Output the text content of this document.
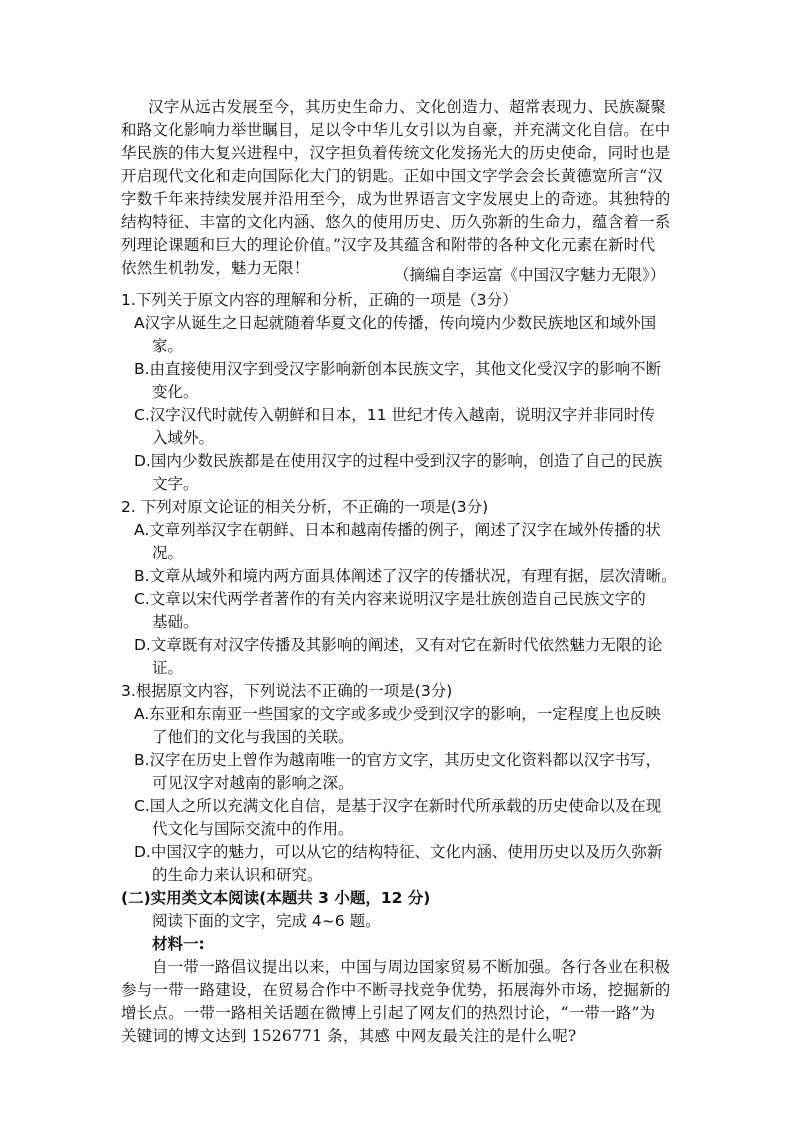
汉字从远古发展至今，其历史生命力、文化创造力、超常表现力、民族凝聚
和路文化影响力举世瞩目，足以令中华儿女引以为自豪，并充满文化自信。在中
华民族的伟大复兴进程中，汉字担负着传统文化发扬光大的历史使命，同时也是
开启现代文化和走向国际化大门的钥匙。正如中国文字学会会长黄德宽所言“汉
字数千年来持续发展并沿用至今，成为世界语言文字发展史上的奇迹。其独特的
结构特征、丰富的文化内涵、悠久的使用历史、历久弥新的生命力，蕴含着一系
列理论课题和巨大的理论价值。”汉字及其蕴含和附带的各种文化元素在新时代
依然生机勃发，魅力无限！	（摘编自李运富《中国汉字魅力无限》）
1.下列关于原文内容的理解和分析，正确的一项是（3分）
A汉字从诞生之日起就随着华夏文化的传播，传向境内少数民族地区和域外国
家。
B.由直接使用汉字到受汉字影响新创本民族文字，其他文化受汉字的影响不断
变化。
C.汉字汉代时就传入朝鲜和日本，11 世纪才传入越南，说明汉字并非同时传
入域外。
D.国内少数民族都是在使用汉字的过程中受到汉字的影响，创造了自己的民族
文字。
2. 下列对原文论证的相关分析，不正确的一项是(3分)
A.文章列举汉字在朝鲜、日本和越南传播的例子，阐述了汉字在域外传播的状
况。
B.文章从域外和境内两方面具体阐述了汉字的传播状况，有理有据，层次清晰。
C.文章以宋代两学者著作的有关内容来说明汉字是壮族创造自己民族文字的
基础。
D.文章既有对汉字传播及其影响的阐述，又有对它在新时代依然魅力无限的论
证。
3.根据原文内容，下列说法不正确的一项是(3分)
A.东亚和东南亚一些国家的文字或多或少受到汉字的影响，一定程度上也反映
了他们的文化与我国的关联。
B.汉字在历史上曾作为越南唯一的官方文字，其历史文化资料都以汉字书写，
可见汉字对越南的影响之深。
C.国人之所以充满文化自信，是基于汉字在新时代所承载的历史使命以及在现
代文化与国际交流中的作用。
D.中国汉字的魅力，可以从它的结构特征、文化内涵、使用历史以及历久弥新
的生命力来认识和研究。
(二)实用类文本阅读(本题共 3 小题，12 分)
阅读下面的文字，完成 4~6 题。
材料一:
自一带一路倡议提出以来，中国与周边国家贸易不断加强。各行各业在积极
参与一带一路建设，在贸易合作中不断寻找竞争优势，拓展海外市场，挖掘新的
增长点。一带一路相关话题在微博上引起了网友们的热烈讨论，“一带一路”为
关键词的博文达到 1526771 条，其感 中网友最关注的是什么呢?
